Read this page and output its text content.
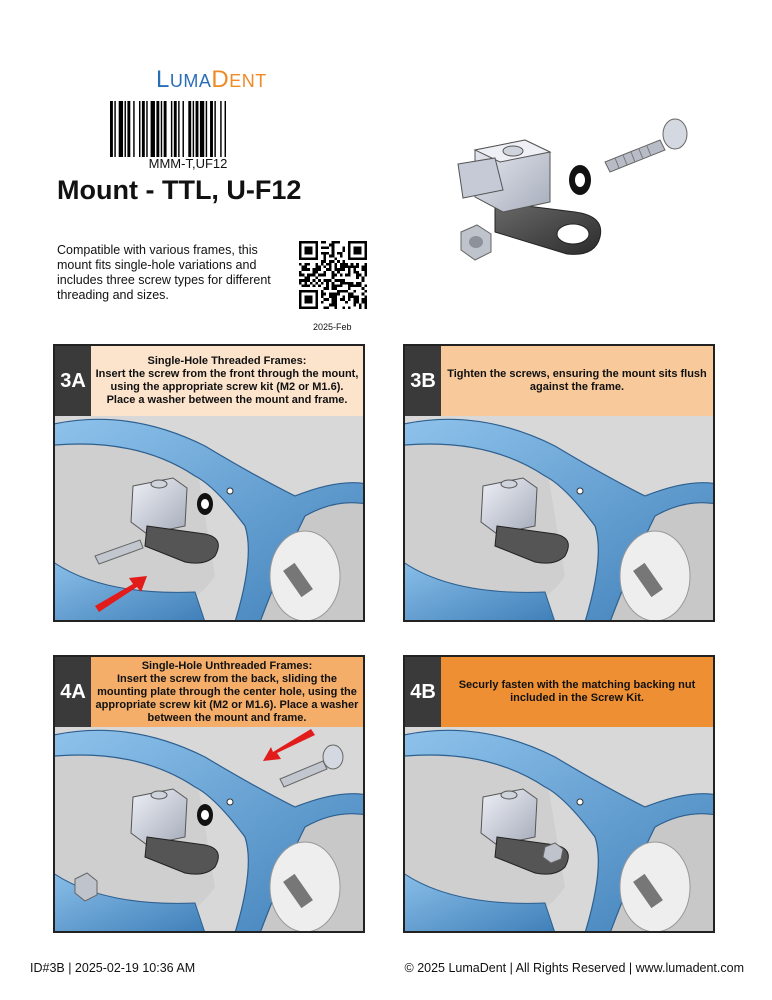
LUMADENT
MMM-T,UF12
Mount - TTL, U-F12
Compatible with various frames, this mount fits single-hole variations and includes three screw types for different threading and sizes.
2025-Feb
3A
Single-Hole Threaded Frames:
Insert the screw from the front through the mount, using the appropriate screw kit (M2 or M1.6). Place a washer between the mount and frame.
3B	Tighten the screws, ensuring the mount sits flush against the frame.
4A
Single-Hole Unthreaded Frames:
Insert the screw from the back, sliding the mounting plate through the center hole, using the appropriate screw kit (M2 or M1.6). Place a washer between the mount and frame.
4B	Securly fasten with the matching backing nut included in the Screw Kit.
ID#3B | 2025-02-19 10:36 AM	© 2025 LumaDent | All Rights Reserved | www.lumadent.com
